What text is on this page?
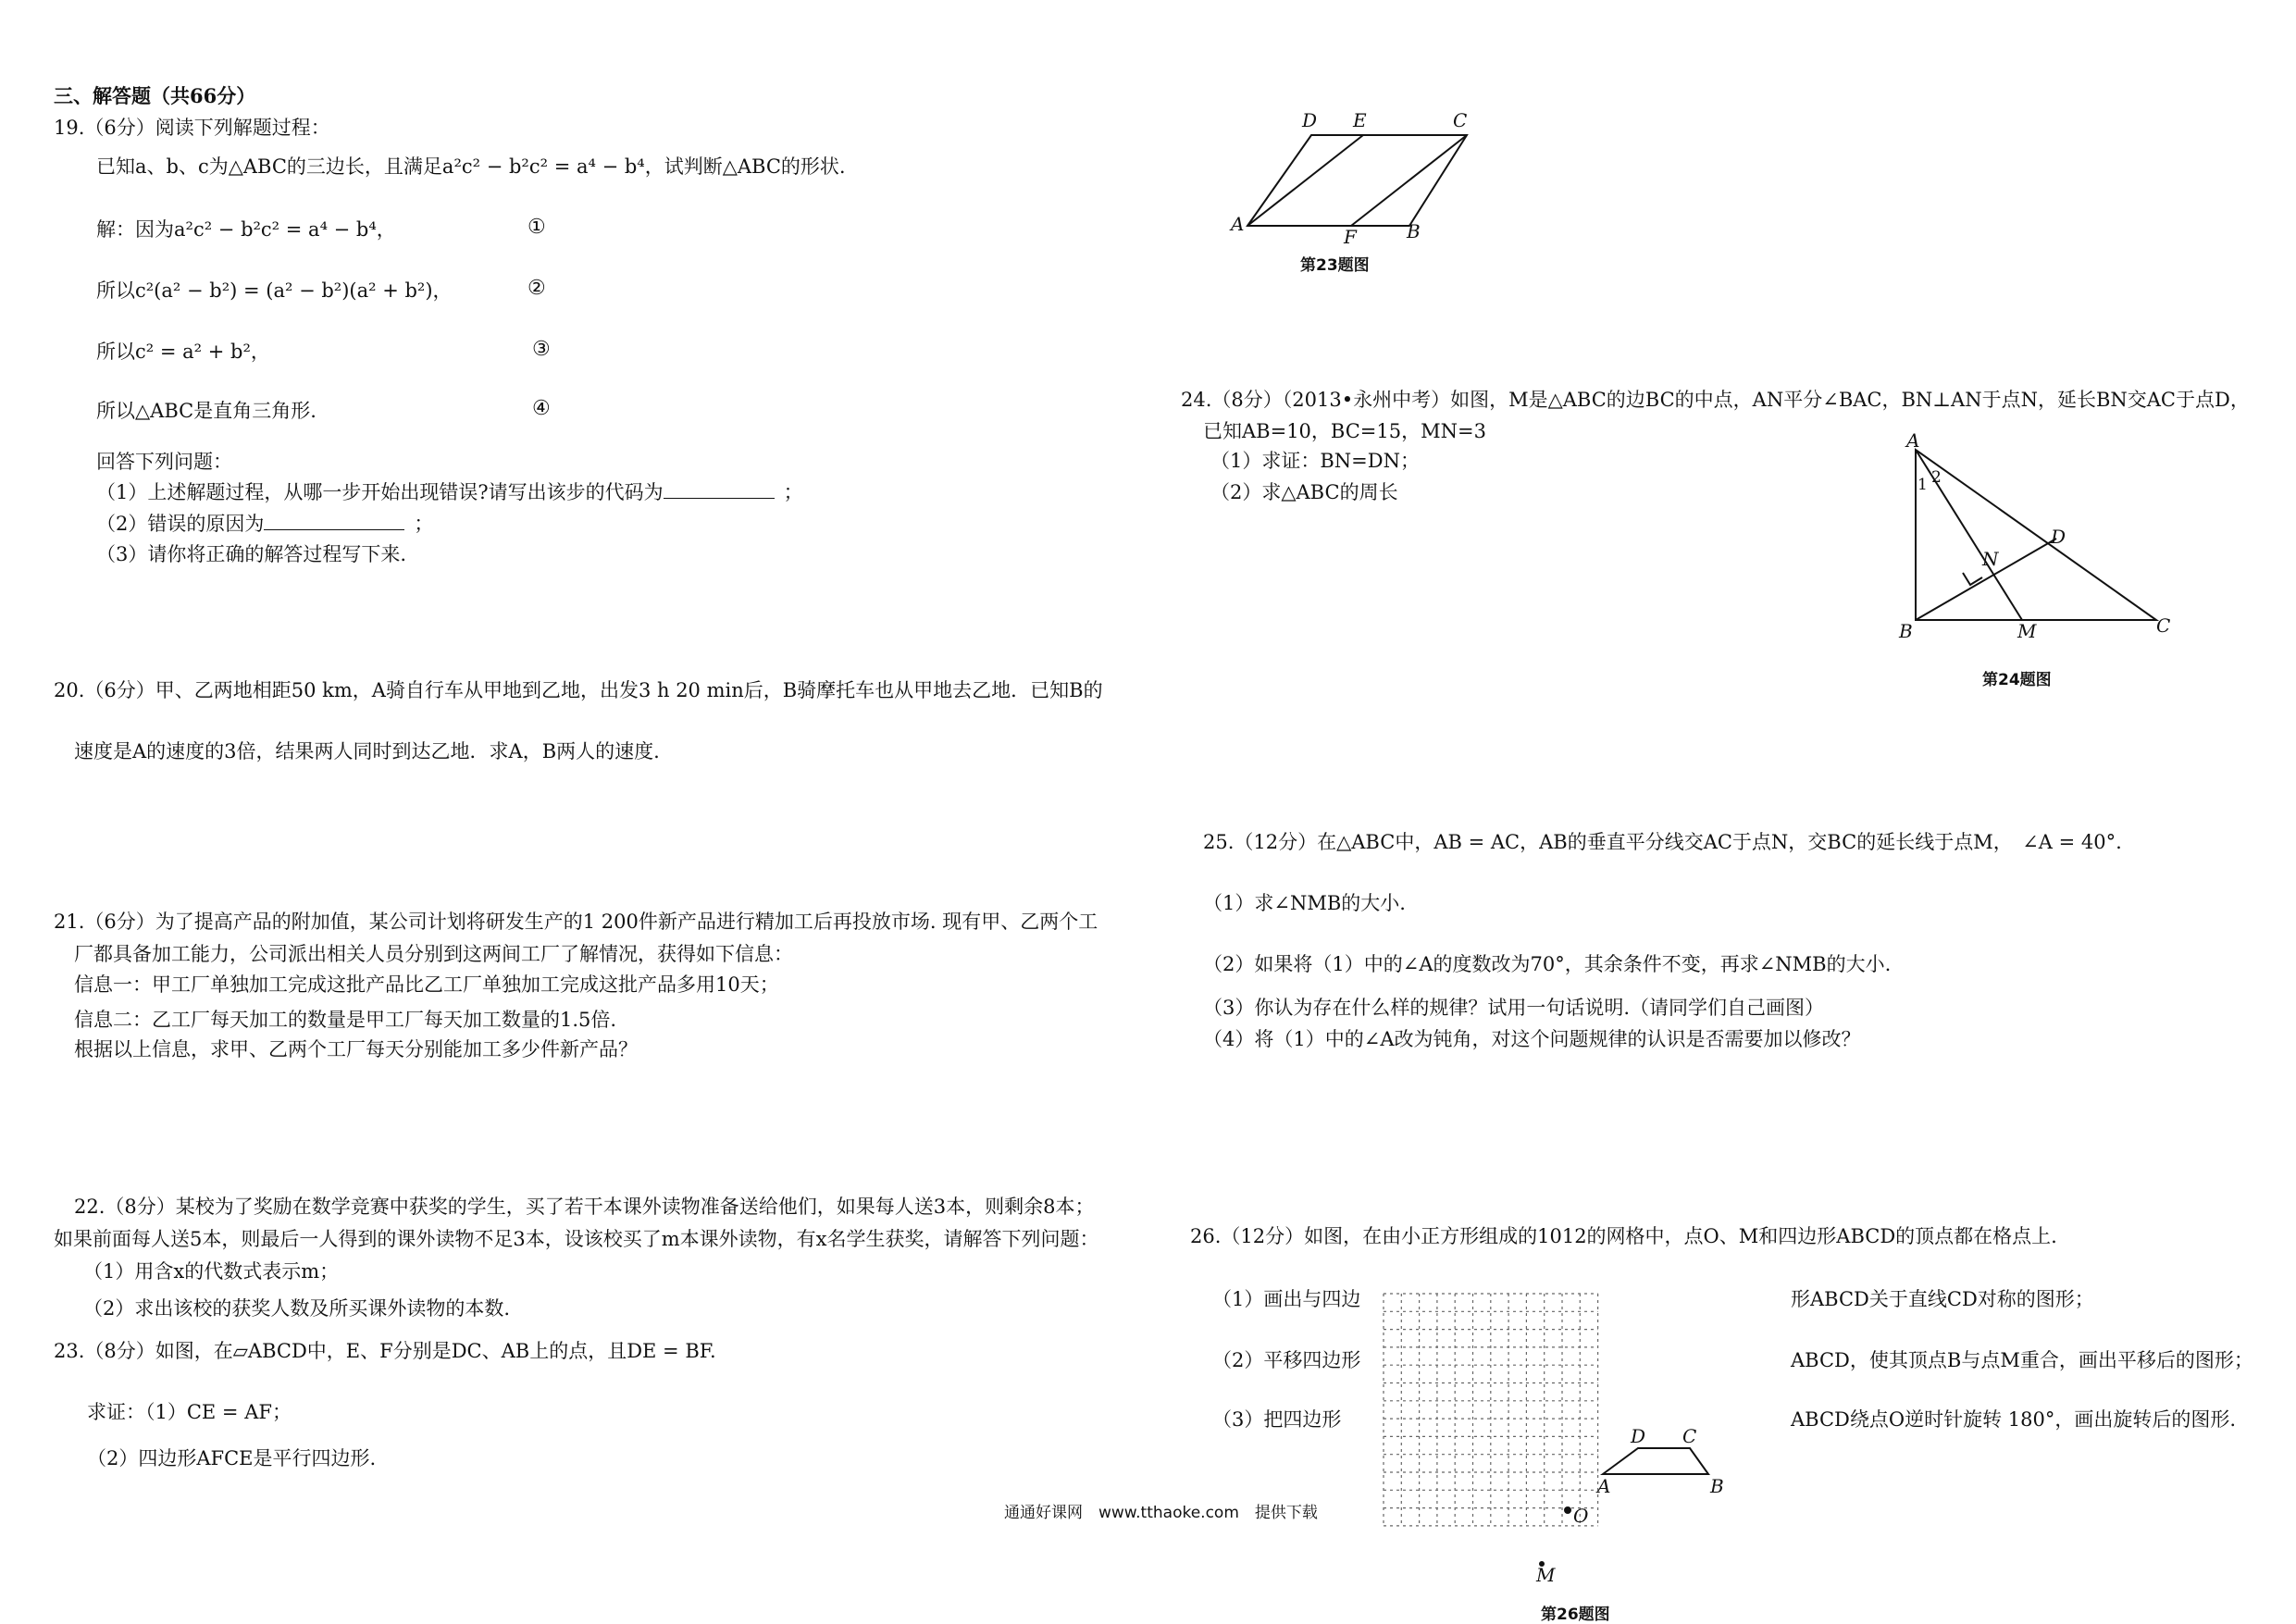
三、解答题（共66分）
19.（6分）阅读下列解题过程：
已知a、b、c为△ABC的三边长，且满足a²c² − b²c² = a⁴ − b⁴，试判断△ABC的形状.
解：因为a²c² − b²c² = a⁴ − b⁴，	①
所以c²(a² − b²) = (a² − b²)(a² + b²)，	②
所以c² = a² + b²，	③
所以△ABC是直角三角形.	④
回答下列问题：
（1）上述解题过程，从哪一步开始出现错误?请写出该步的代码为	；
（2）错误的原因为	；
（3）请你将正确的解答过程写下来.
20.（6分）甲、乙两地相距50 km，A骑自行车从甲地到乙地，出发3 h 20 min后，B骑摩托车也从甲地去乙地．已知B的
速度是A的速度的3倍，结果两人同时到达乙地．求A，B两人的速度.
21.（6分）为了提高产品的附加值，某公司计划将研发生产的1 200件新产品进行精加工后再投放市场. 现有甲、乙两个工
厂都具备加工能力，公司派出相关人员分别到这两间工厂了解情况，获得如下信息：
信息一：甲工厂单独加工完成这批产品比乙工厂单独加工完成这批产品多用10天；
信息二：乙工厂每天加工的数量是甲工厂每天加工数量的1.5倍.
根据以上信息，求甲、乙两个工厂每天分别能加工多少件新产品？
22.（8分）某校为了奖励在数学竞赛中获奖的学生，买了若干本课外读物准备送给他们，如果每人送3本，则剩余8本；
如果前面每人送5本，则最后一人得到的课外读物不足3本，设该校买了m本课外读物，有x名学生获奖，请解答下列问题：
（1）用含x的代数式表示m；
（2）求出该校的获奖人数及所买课外读物的本数.
23.（8分）如图，在▱ABCD中，E、F分别是DC、AB上的点，且DE = BF.
求证：（1）CE = AF；
（2）四边形AFCE是平行四边形.
通通好课网　www.tthaoke.com　提供下载
D E	C
A
F	B
第23题图
24.（8分）（2013•永州中考）如图，M是△ABC的边BC的中点，AN平分∠BAC，BN⊥AN于点N，延长BN交AC于点D，
已知AB=10，BC=15，MN=3
（1）求证：BN=DN；
（2）求△ABC的周长
A
1 2
D
N
B	M	C
第24题图
25.（12分）在△ABC中，AB = AC，AB的垂直平分线交AC于点N，交BC的延长线于点M，　∠A = 40°.
（1）求∠NMB的大小.
（2）如果将（1）中的∠A的度数改为70°，其余条件不变，再求∠NMB的大小.
（3）你认为存在什么样的规律？试用一句话说明.（请同学们自己画图）
（4）将（1）中的∠A改为钝角，对这个问题规律的认识是否需要加以修改？
26.（12分）如图，在由小正方形组成的1012的网格中，点O、M和四边形ABCD的顶点都在格点上.
（1）画出与四边	形ABCD关于直线CD对称的图形；
（2）平移四边形	ABCD，使其顶点B与点M重合，画出平移后的图形；
（3）把四边形	ABCD绕点O逆时针旋转 180°，画出旋转后的图形.
D C
A	B
O
M
第26题图
